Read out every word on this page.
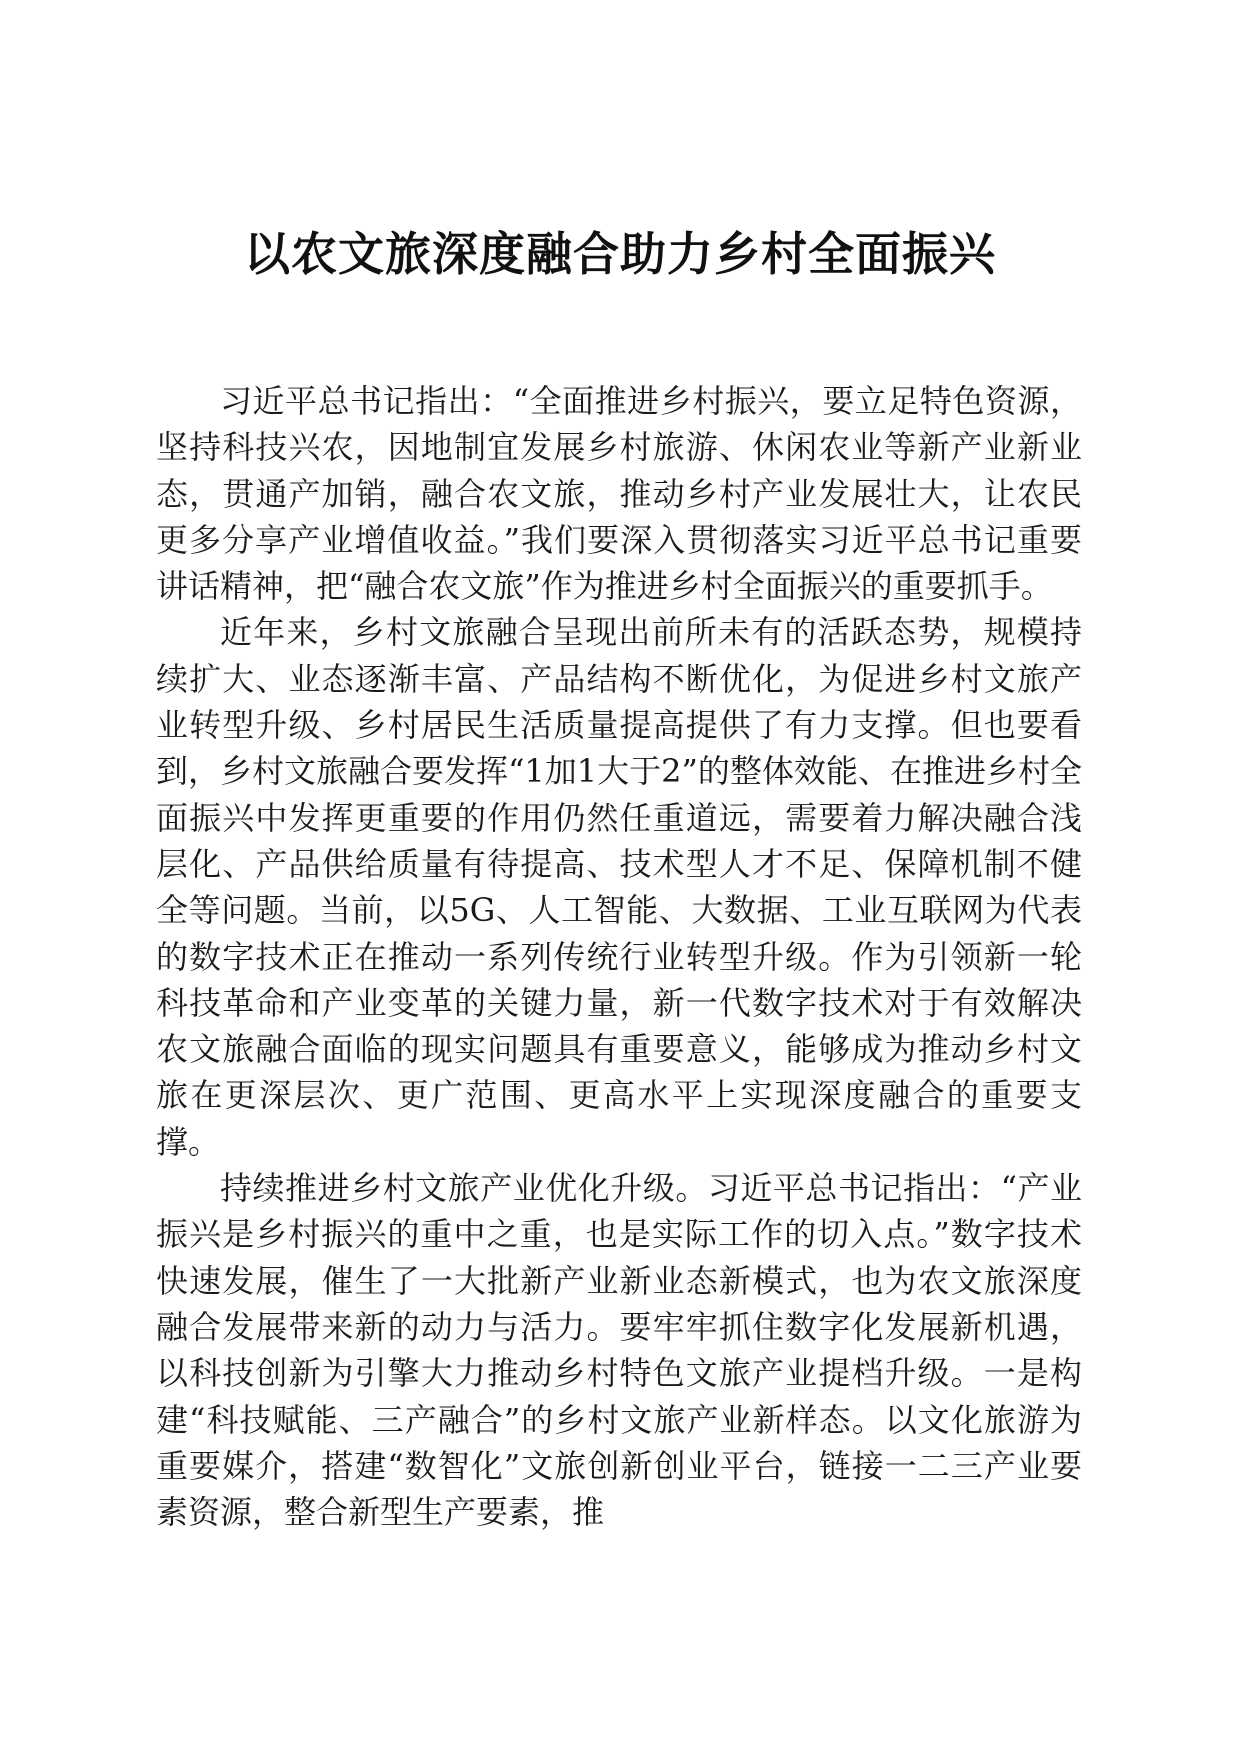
以农文旅深度融合助力乡村全面振兴

习近平总书记指出：“全面推进乡村振兴，要立足特色资源，坚持科技兴农，因地制宜发展乡村旅游、休闲农业等新产业新业态，贯通产加销，融合农文旅，推动乡村产业发展壮大，让农民更多分享产业增值收益。”我们要深入贯彻落实习近平总书记重要讲话精神，把“融合农文旅”作为推进乡村全面振兴的重要抓手。

近年来，乡村文旅融合呈现出前所未有的活跃态势，规模持续扩大、业态逐渐丰富、产品结构不断优化，为促进乡村文旅产业转型升级、乡村居民生活质量提高提供了有力支撑。但也要看到，乡村文旅融合要发挥“1加1大于2”的整体效能、在推进乡村全面振兴中发挥更重要的作用仍然任重道远，需要着力解决融合浅层化、产品供给质量有待提高、技术型人才不足、保障机制不健全等问题。当前，以5G、人工智能、大数据、工业互联网为代表的数字技术正在推动一系列传统行业转型升级。作为引领新一轮科技革命和产业变革的关键力量，新一代数字技术对于有效解决农文旅融合面临的现实问题具有重要意义，能够成为推动乡村文旅在更深层次、更广范围、更高水平上实现深度融合的重要支撑。

持续推进乡村文旅产业优化升级。习近平总书记指出：“产业振兴是乡村振兴的重中之重，也是实际工作的切入点。”数字技术快速发展，催生了一大批新产业新业态新模式，也为农文旅深度融合发展带来新的动力与活力。要牢牢抓住数字化发展新机遇，以科技创新为引擎大力推动乡村特色文旅产业提档升级。一是构建“科技赋能、三产融合”的乡村文旅产业新样态。以文化旅游为重要媒介，搭建“数智化”文旅创新创业平台，链接一二三产业要素资源，整合新型生产要素，推
